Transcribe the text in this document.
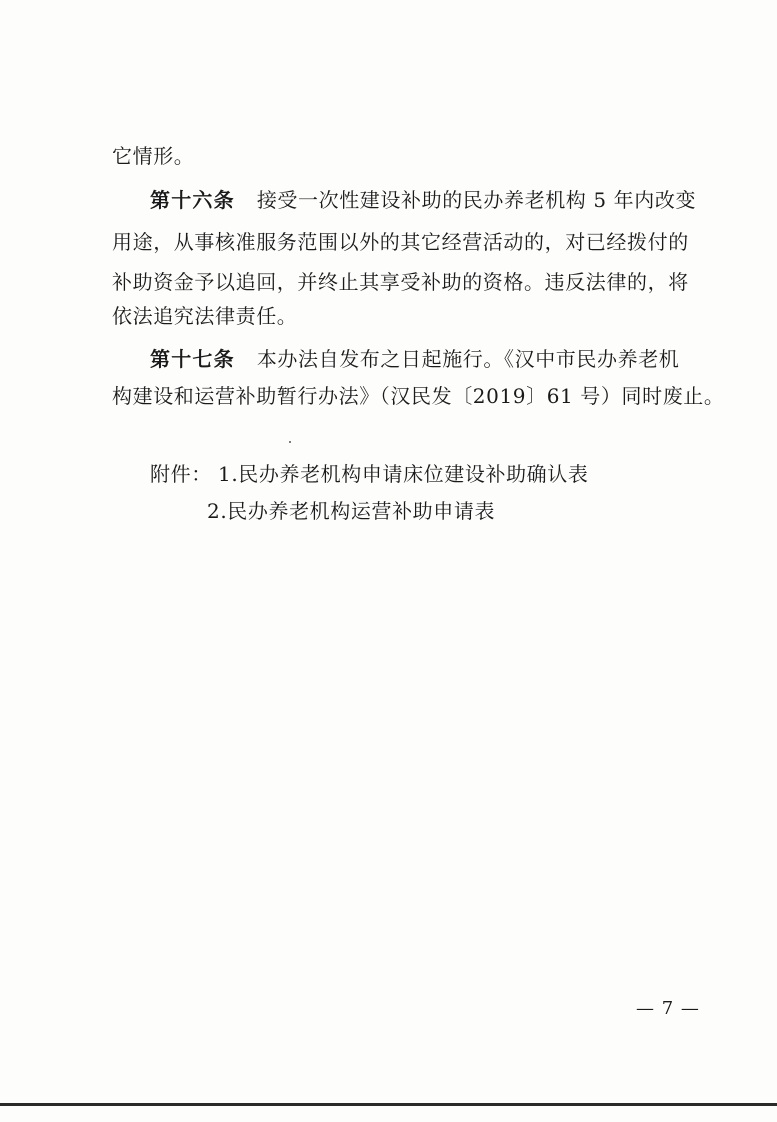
它情形。
第十六条 接受一次性建设补助的民办养老机构 5 年内改变
用途，从事核准服务范围以外的其它经营活动的，对已经拨付的
补助资金予以追回，并终止其享受补助的资格。违反法律的，将
依法追究法律责任。
第十七条 本办法自发布之日起施行。《汉中市民办养老机
构建设和运营补助暂行办法》（汉民发〔2019〕61 号）同时废止。
附件： 1.民办养老机构申请床位建设补助确认表
2.民办养老机构运营补助申请表
— 7 —
